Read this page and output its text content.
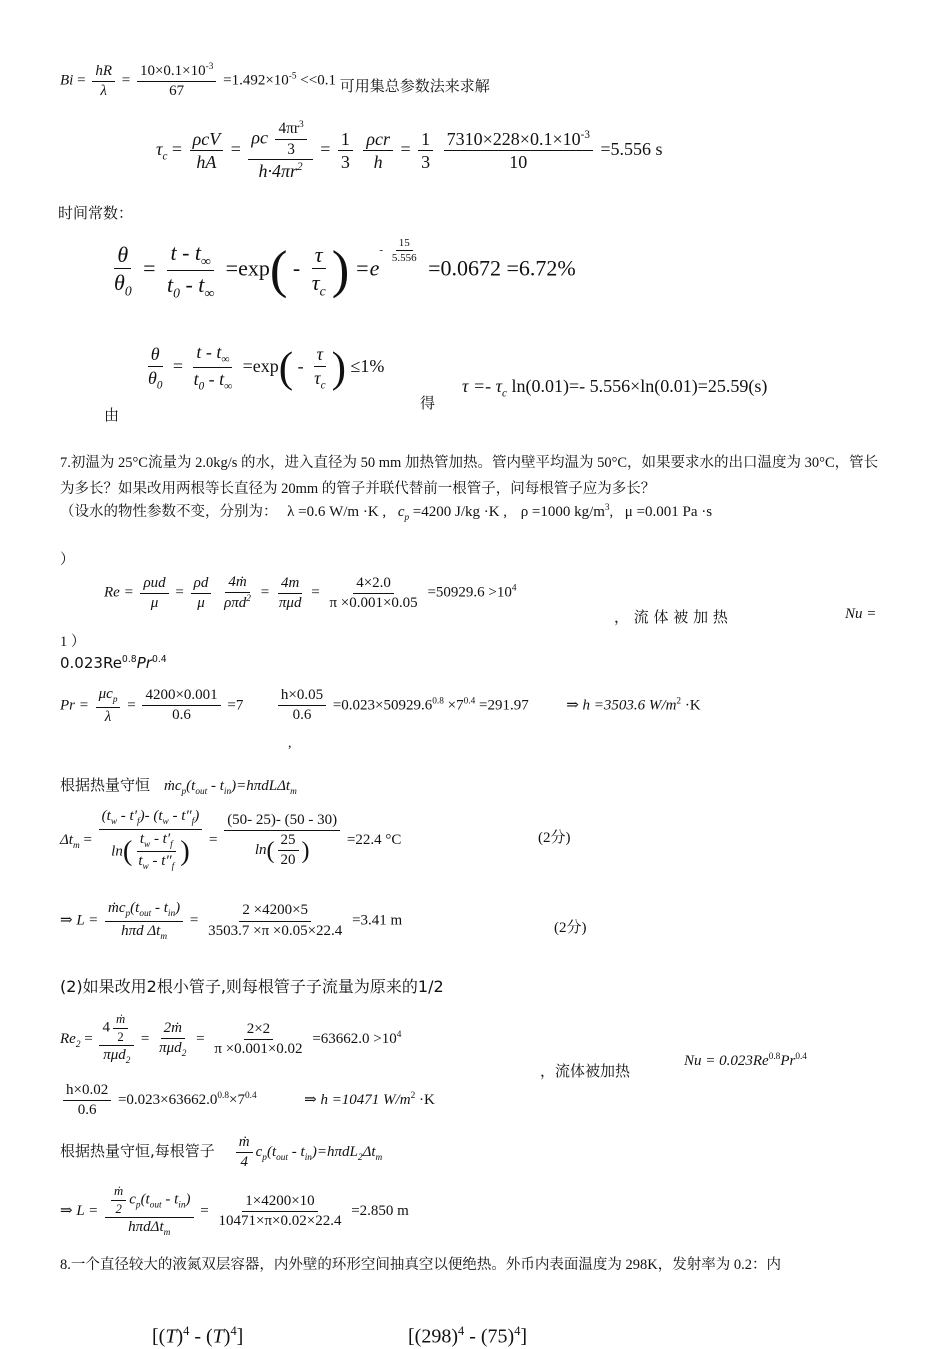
$Bi = \frac{hR}{\lambda} = \frac{10\times 0.1\times 10^{-3}}{67} =1.492\times 10^{-5} <<0.1$ 可用集总参数法来求解
$\tau_c = \frac{\text{ρcV}}{hA} = \frac{\rho c \frac{4\pi r^3}{3}}{h\cdot 4\pi r^2} = \frac{1}{3}$
$\frac{\text{ρcr}}{h} = \frac{1}{3}$
$\frac{7310\times 228\times 0.1\times 10^{-3}}{10} =5.556$ s
时间常数：
$\frac{\theta}{\theta_0} = \frac{t - t_\infty}{t_0 - t_\infty} =\exp( - \frac{\tau}{\tau_c}$ ) $=e^{- \frac{15}{5.556}}$
=0.0672 =6.72%
$\frac{\theta}{\theta_0} = \frac{t - t_\infty}{t_0 - t_\infty} =\exp( - \frac{\tau}{\tau_c}$ ) ≤1%
由
得
$\tau =- \tau_c$ ln(0.01)=- 5.556×ln(0.01)=25.59(s)
7.初温为 25°C流量为 2.0kg/s 的水，进入直径为 50 mm 加热管加热。管内壁平均温为 50°C，如果要求水的出口温度为 30°C，管长为多长？如果改用两根等长直径为 20mm 的管子并联代替前一根管子，问每根管子应为多长？
（设水的物性参数不变，分别为： λ =0.6 W/m ·K , $c_p =4200$ J/kg ·K , ρ =1000 $kg/m^3$, μ =0.001 Pa ·s
）
$Re = \frac{\text{ρud}}{\mu} = \frac{\rho d}{\mu}$
$\frac{\text{4ṁ}}{\rho\pi d^2} = \frac{4m}{\text{πμd}} = \frac{4\times 2.0}{\pi \times 0.001\times 0.05} =50929.6 >10^4$
， 流 体 被 加 热	Nu =
1 ）
$0.023Re^{0.8}Pr^{0.4}$
$Pr = \frac{\mu c_p}{\lambda} = \frac{4200\times 0.001}{0.6} =7 \frac{h\times 0.05}{0.6} =0.023\times 50929.6^{0.8} \times 7^{0.4} =291.97$	⇒ h =3503.6 $W/m^2 \cdot K$
,
根据热量守恒 $ṁc_p(t_{out} - t_{in})=h\pi dL\Delta t_m$
$\Delta t_m = \frac{(t_w - t'_f)- (t_w - t''_f)}{\ln( \frac{t_w - t'_f}{t_w - t''_f} )} = \frac{(50- 25)- (50 - 30)}{\ln( \frac{25}{20} )} =22.4$ °C	(2分)
⇒ $L = \frac{ṁc_p(t_{out} - t_{in})}{h\pi d \Delta t_m} = \frac{2 \times 4200\times 5}{3503.7 \times\pi \times 0.05\times 22.4} =3.41$ m	(2分)
(2)如果改用2根小管子,则每根管子子流量为原来的1/2
$Re_2 = \frac{4 \frac{\text{ṁ}}{2}}{\pi\mu d_2} = \frac{\text{2ṁ}}{\pi\mu d_2} = \frac{2\times 2}{\pi \times 0.001\times 0.02} =63662.0 >10^4$
，流体被加热
$Nu = 0.023Re^{0.8}Pr^{0.4}$
$\frac{h\times 0.02}{0.6} =0.023\times 63662.0^{0.8}\times 7^{0.4}$	⇒ h =10471 $W/m^2 \cdot K$
根据热量守恒,每根管子 $\frac{\text{ṁ}}{4} c_p(t_{out} - t_{in})=h\pi dL_2\Delta t_m$
⇒ $L = \frac{\frac{\text{ṁ}}{2} c_p(t_{out} - t_{in})}{h\pi d\Delta t_m} = \frac{1\times 4200\times 10}{10471\times\pi\times 0.02\times 22.4} =2.850$ m
8.一个直径较大的液氮双层容器，内外壁的环形空间抽真空以便绝热。外币内表面温度为 298K，发射率为 0.2：内
$[(T)^4 - (T)^4]$	$[(298)^4 - (75)^4]$
